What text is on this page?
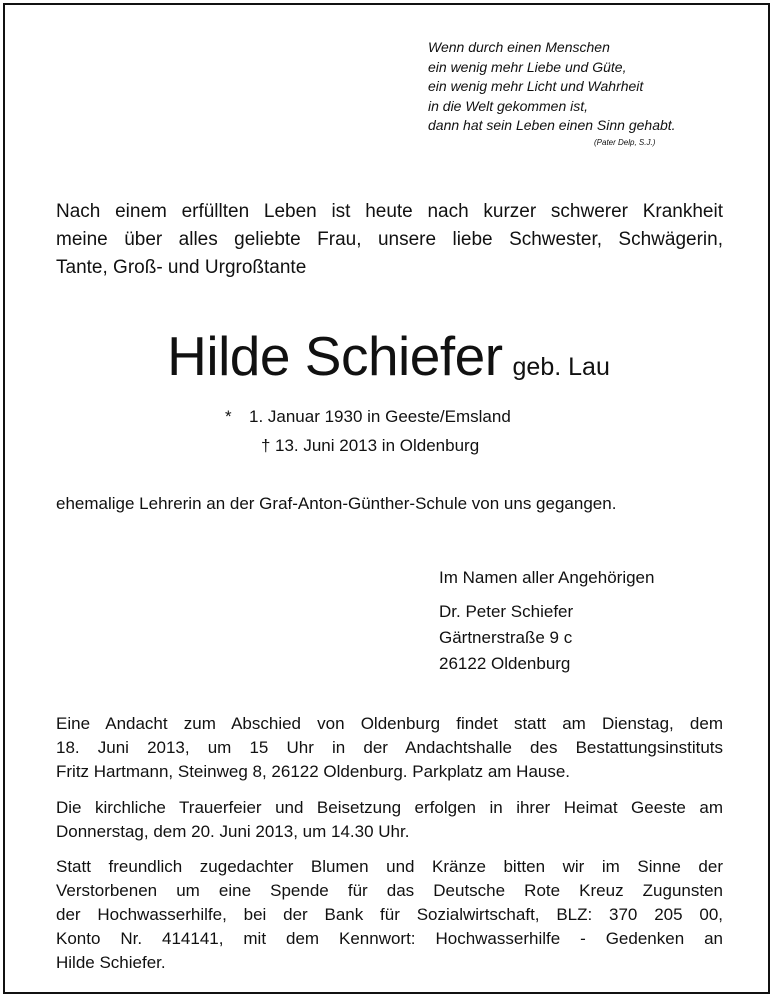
Wenn durch einen Menschen
ein wenig mehr Liebe und Güte,
ein wenig mehr Licht und Wahrheit
in die Welt gekommen ist,
dann hat sein Leben einen Sinn gehabt.
(Pater Delp, S.J.)
Nach einem erfüllten Leben ist heute nach kurzer schwerer Krankheit
meine über alles geliebte Frau, unsere liebe Schwester, Schwägerin,
Tante, Groß- und Urgroßtante
Hilde Schiefer geb. Lau
* 1. Januar 1930 in Geeste/Emsland
† 13. Juni 2013 in Oldenburg
ehemalige Lehrerin an der Graf-Anton-Günther-Schule von uns gegangen.
Im Namen aller Angehörigen
Dr. Peter Schiefer
Gärtnerstraße 9 c
26122 Oldenburg
Eine Andacht zum Abschied von Oldenburg findet statt am Dienstag, dem
18. Juni 2013, um 15 Uhr in der Andachtshalle des Bestattungsinstituts
Fritz Hartmann, Steinweg 8, 26122 Oldenburg. Parkplatz am Hause.
Die kirchliche Trauerfeier und Beisetzung erfolgen in ihrer Heimat Geeste am
Donnerstag, dem 20. Juni 2013, um 14.30 Uhr.
Statt freundlich zugedachter Blumen und Kränze bitten wir im Sinne der
Verstorbenen um eine Spende für das Deutsche Rote Kreuz Zugunsten
der Hochwasserhilfe, bei der Bank für Sozialwirtschaft, BLZ: 370 205 00,
Konto Nr. 414141, mit dem Kennwort: Hochwasserhilfe - Gedenken an
Hilde Schiefer.
